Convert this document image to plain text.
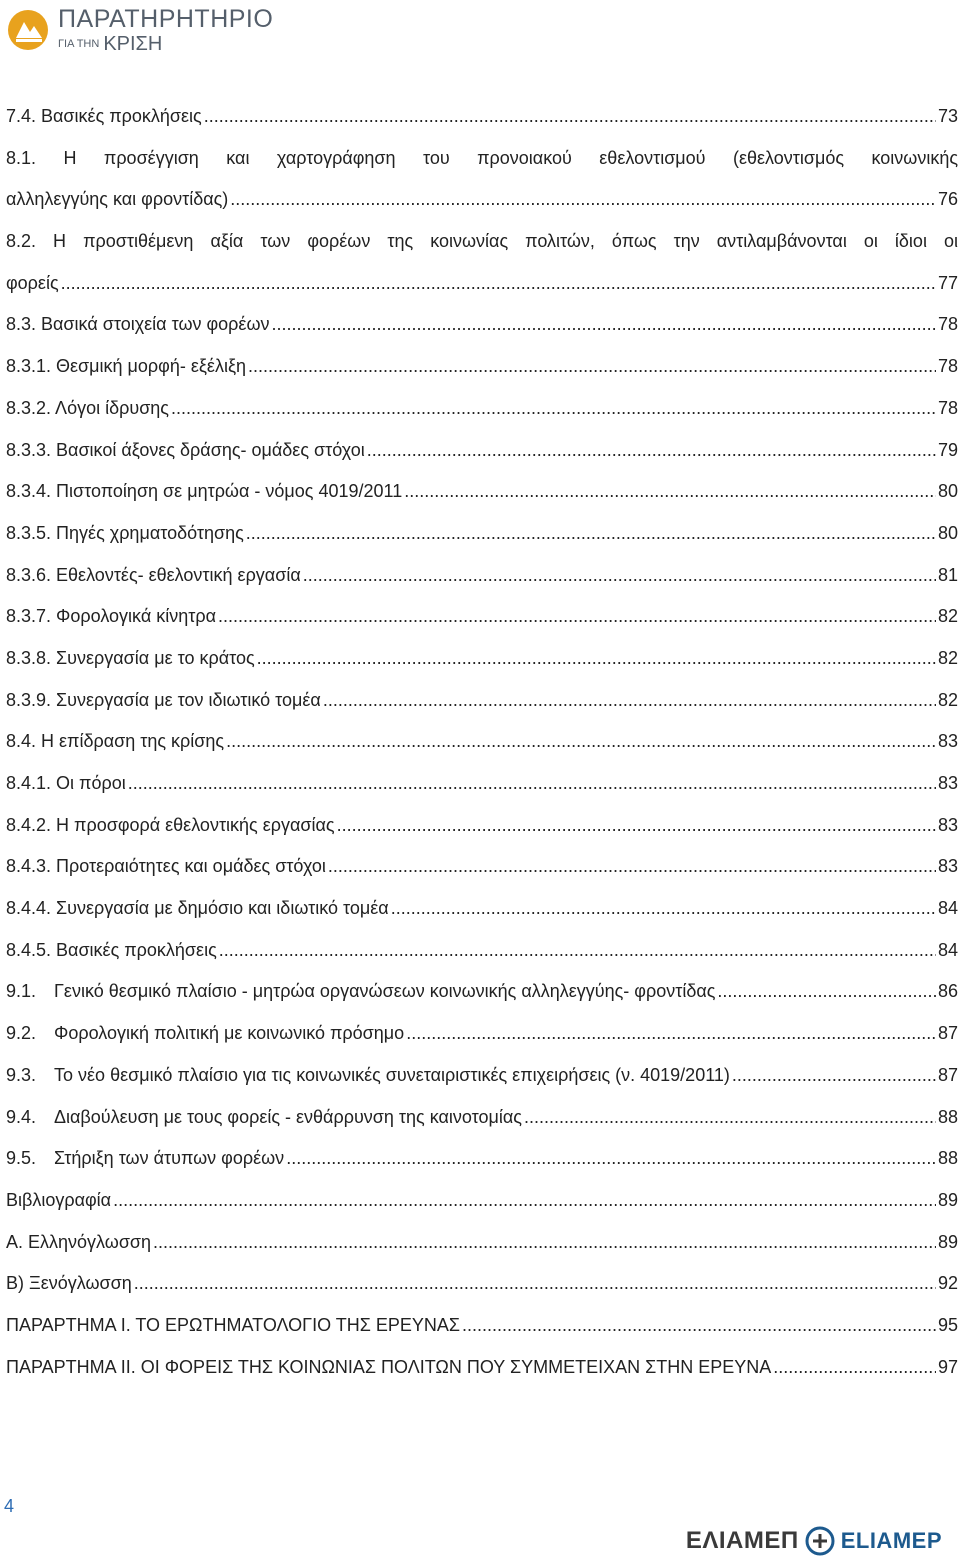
ΠΑΡΑΤΗΡΗΤΗΡΙΟ
ΓΙΑ ΤΗΝ ΚΡΙΣΗ
7.4. Βασικές προκλήσεις .....	73
8.1. Η προσέγγιση και χαρτογράφηση του προνοιακού εθελοντισμού (εθελοντισμός κοινωνικής
αλληλεγγύης και φροντίδας) .....	76
8.2. Η προστιθέμενη αξία των φορέων της κοινωνίας πολιτών, όπως την αντιλαμβάνονται οι ίδιοι οι
φορείς .....	77
8.3. Βασικά στοιχεία των φορέων .....	78
8.3.1. Θεσμική μορφή- εξέλιξη .....	78
8.3.2. Λόγοι ίδρυσης .....	78
8.3.3. Βασικοί άξονες δράσης- ομάδες στόχοι .....	79
8.3.4. Πιστοποίηση σε μητρώα - νόμος 4019/2011 .....	80
8.3.5. Πηγές χρηματοδότησης .....	80
8.3.6. Εθελοντές- εθελοντική εργασία .....	81
8.3.7. Φορολογικά κίνητρα .....	82
8.3.8. Συνεργασία με το κράτος .....	82
8.3.9. Συνεργασία με τον ιδιωτικό τομέα .....	82
8.4. Η επίδραση της κρίσης .....	83
8.4.1. Οι πόροι .....	83
8.4.2. Η προσφορά εθελοντικής εργασίας .....	83
8.4.3. Προτεραιότητες και ομάδες στόχοι .....	83
8.4.4. Συνεργασία με δημόσιο και ιδιωτικό τομέα .....	84
8.4.5. Βασικές προκλήσεις .....	84
9.1. Γενικό θεσμικό πλαίσιο - μητρώα οργανώσεων κοινωνικής αλληλεγγύης- φροντίδας .....	86
9.2. Φορολογική πολιτική με κοινωνικό πρόσημο .....	87
9.3. Το νέο θεσμικό πλαίσιο για τις κοινωνικές συνεταιριστικές επιχειρήσεις (ν. 4019/2011) .....	87
9.4. Διαβούλευση με τους φορείς - ενθάρρυνση της καινοτομίας .....	88
9.5. Στήριξη των άτυπων φορέων .....	88
Βιβλιογραφία .....	89
Α. Ελληνόγλωσση .....	89
Β) Ξενόγλωσση .....	92
ΠΑΡΑΡΤΗΜΑ Ι. ΤΟ ΕΡΩΤΗΜΑΤΟΛΟΓΙΟ ΤΗΣ ΕΡΕΥΝΑΣ .....	95
ΠΑΡΑΡΤΗΜΑ ΙΙ. ΟΙ ΦΟΡΕΙΣ ΤΗΣ ΚΟΙΝΩΝΙΑΣ ΠΟΛΙΤΩΝ ΠΟΥ ΣΥΜΜΕΤΕΙΧΑΝ ΣΤΗΝ ΕΡΕΥΝΑ .....	97
4
ΕΛΙΑΜΕΠ ELIAMEP
